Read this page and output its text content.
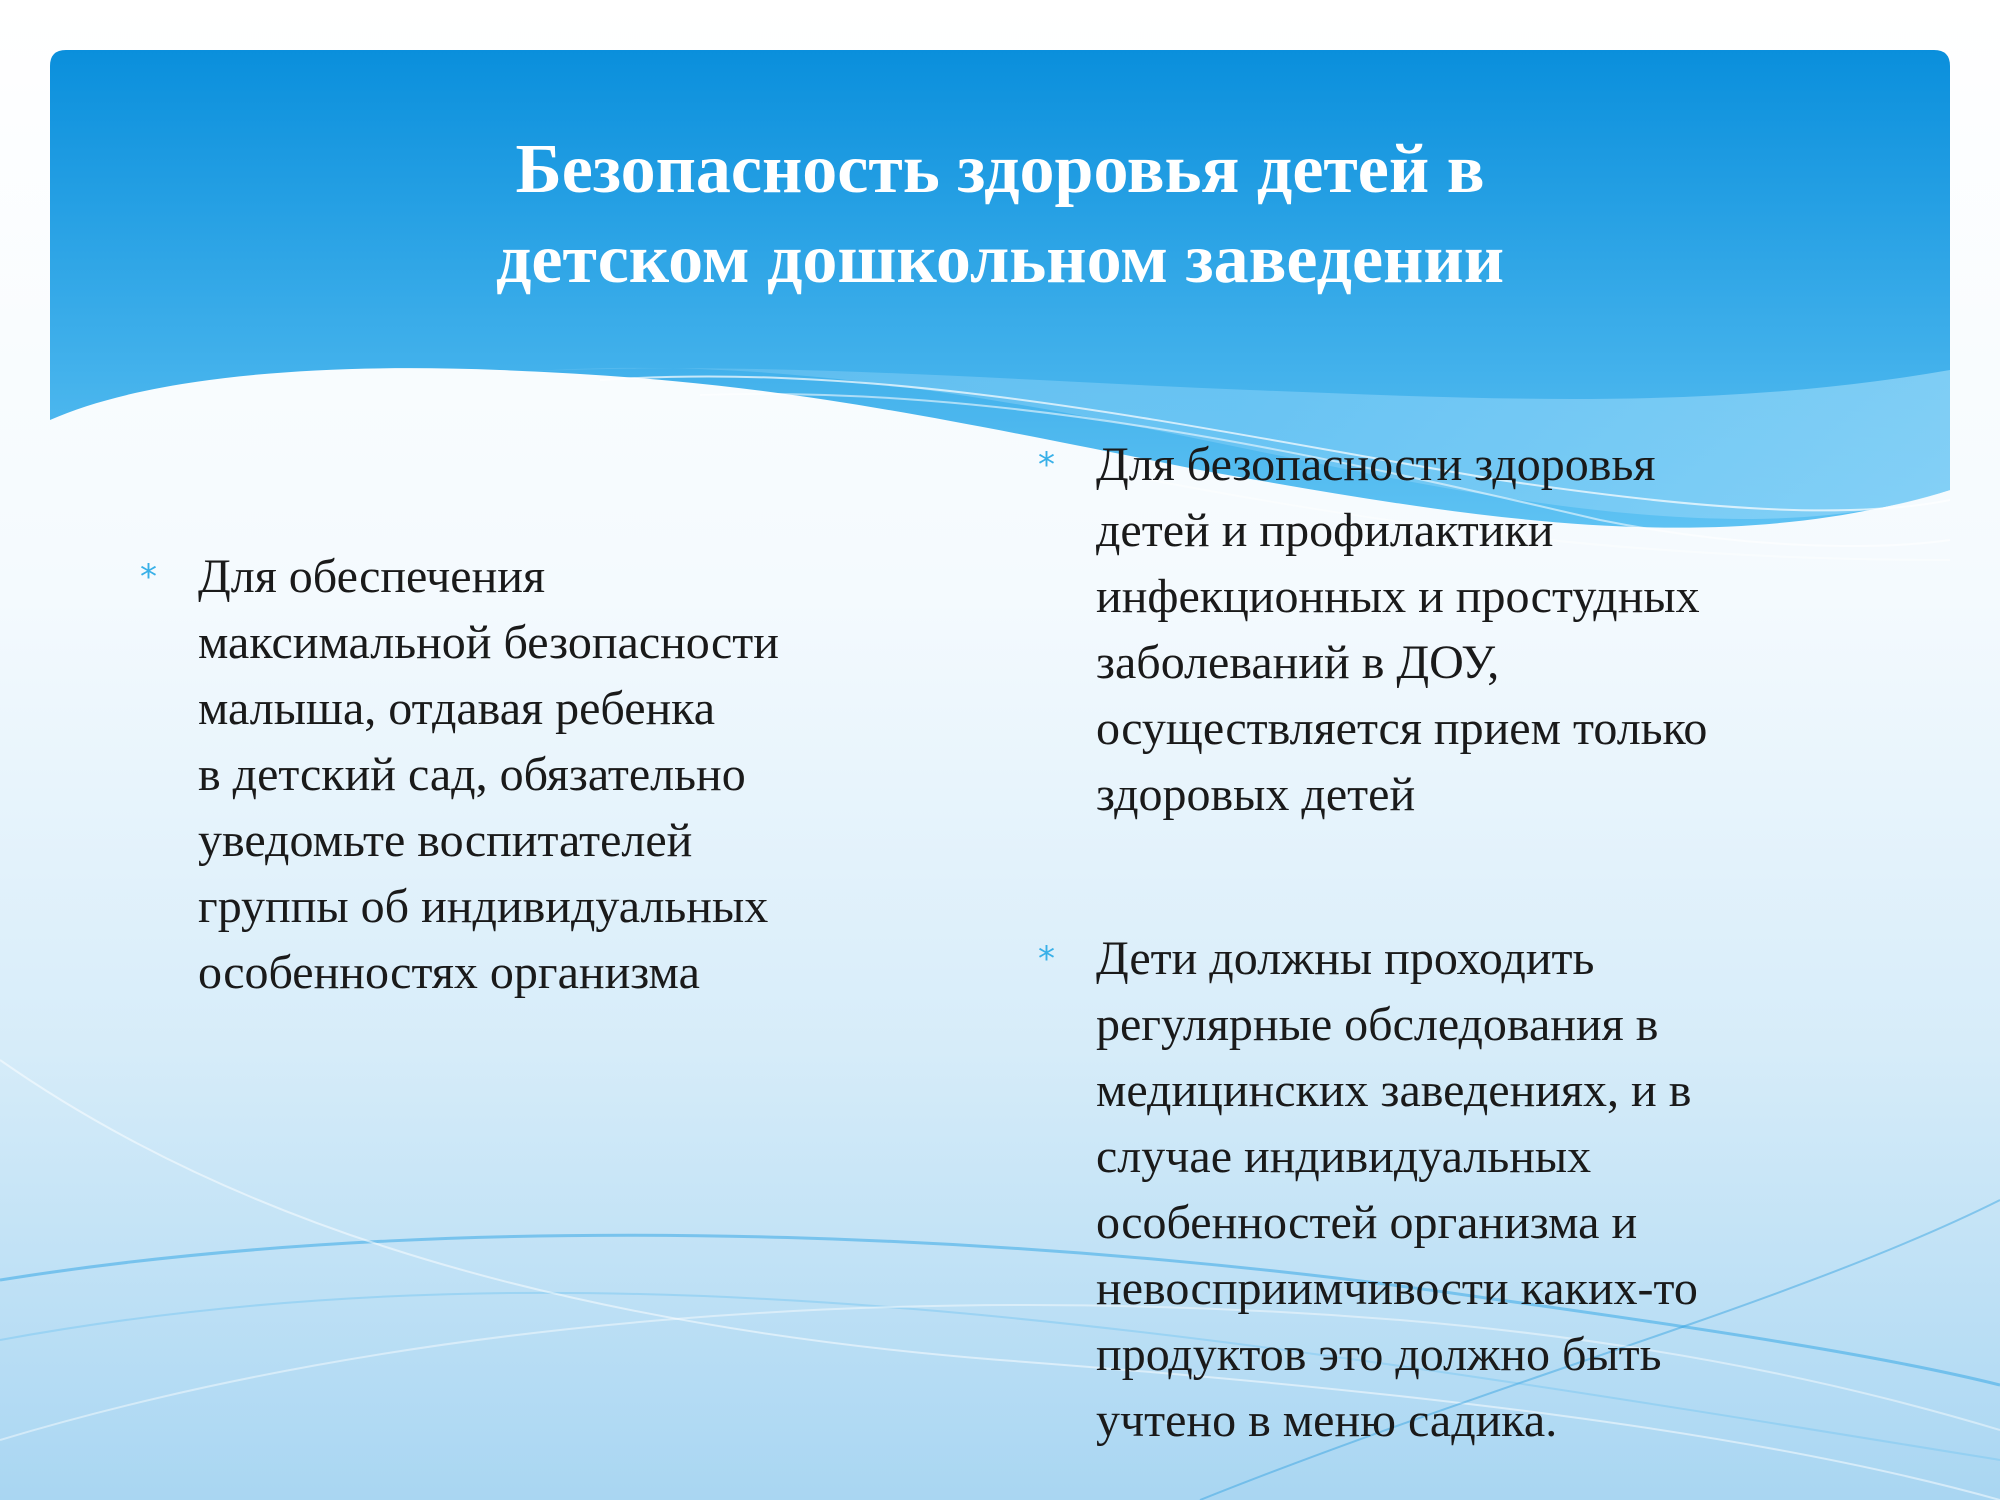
Безопасность здоровья детей в
детском дошкольном заведении
* Для обеспечения
максимальной безопасности
малыша, отдавая ребенка
в детский сад, обязательно
уведомьте воспитателей
группы об индивидуальных
особенностях организма
* Для безопасности здоровья
детей и профилактики
инфекционных и простудных
заболеваний в ДОУ,
осуществляется прием только
здоровых детей
* Дети должны проходить
регулярные обследования в
медицинских заведениях, и в
случае индивидуальных
особенностей организма и
невосприимчивости каких-то
продуктов это должно быть
учтено в меню садика.
